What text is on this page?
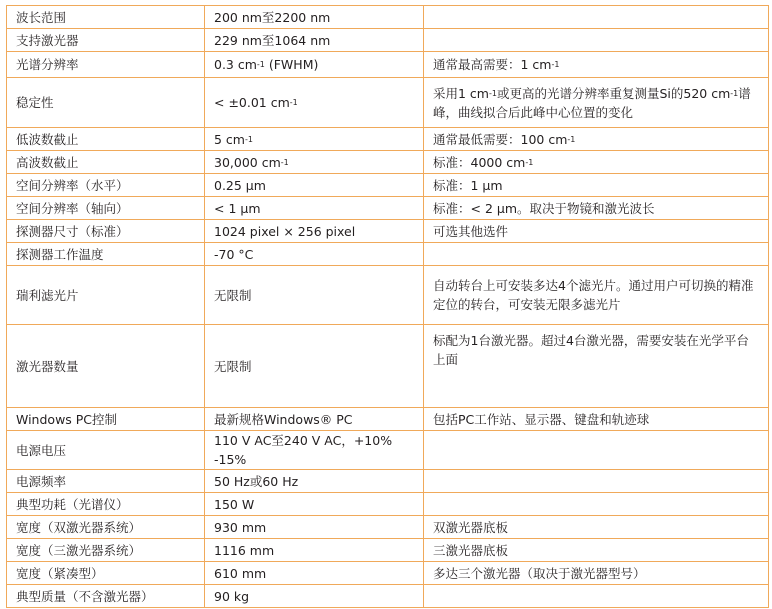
波长范围	200 nm至2200 nm	
支持激光器	229 nm至1064 nm	
光谱分辨率	0.3 $cm^{-1}$ (FWHM)	通常最高需要：1 $cm^{-1}$
稳定性	< ±0.01 $cm^{-1}$	采用1 $cm^{-1}$或更高的光谱分辨率重复测量Si的520 $cm^{-1}$谱峰，曲线拟合后此峰中心位置的变化
低波数截止	5 $cm^{-1}$	通常最低需要：100 $cm^{-1}$
高波数截止	30,000 $cm^{-1}$	标准：4000 $cm^{-1}$
空间分辨率（水平）	0.25 µm	标准：1 µm
空间分辨率（轴向）	< 1 µm	标准：< 2 µm。取决于物镜和激光波长
探测器尺寸（标准）	1024 pixel × 256 pixel	可选其他选件
探测器工作温度	-70 °C	
瑞利滤光片	无限制	自动转台上可安装多达4个滤光片。通过用户可切换的精准定位的转台，可安装无限多滤光片
激光器数量	无限制	标配为1台激光器。超过4台激光器，需要安装在光学平台上面
Windows PC控制	最新规格Windows® PC	包括PC工作站、显示器、键盘和轨迹球
电源电压	110 V AC至240 V AC，+10% -15%	
电源频率	50 Hz或60 Hz	
典型功耗（光谱仪）	150 W	
宽度（双激光器系统）	930 mm	双激光器底板
宽度（三激光器系统）	1116 mm	三激光器底板
宽度（紧凑型）	610 mm	多达三个激光器（取决于激光器型号）
典型质量（不含激光器）	90 kg	
